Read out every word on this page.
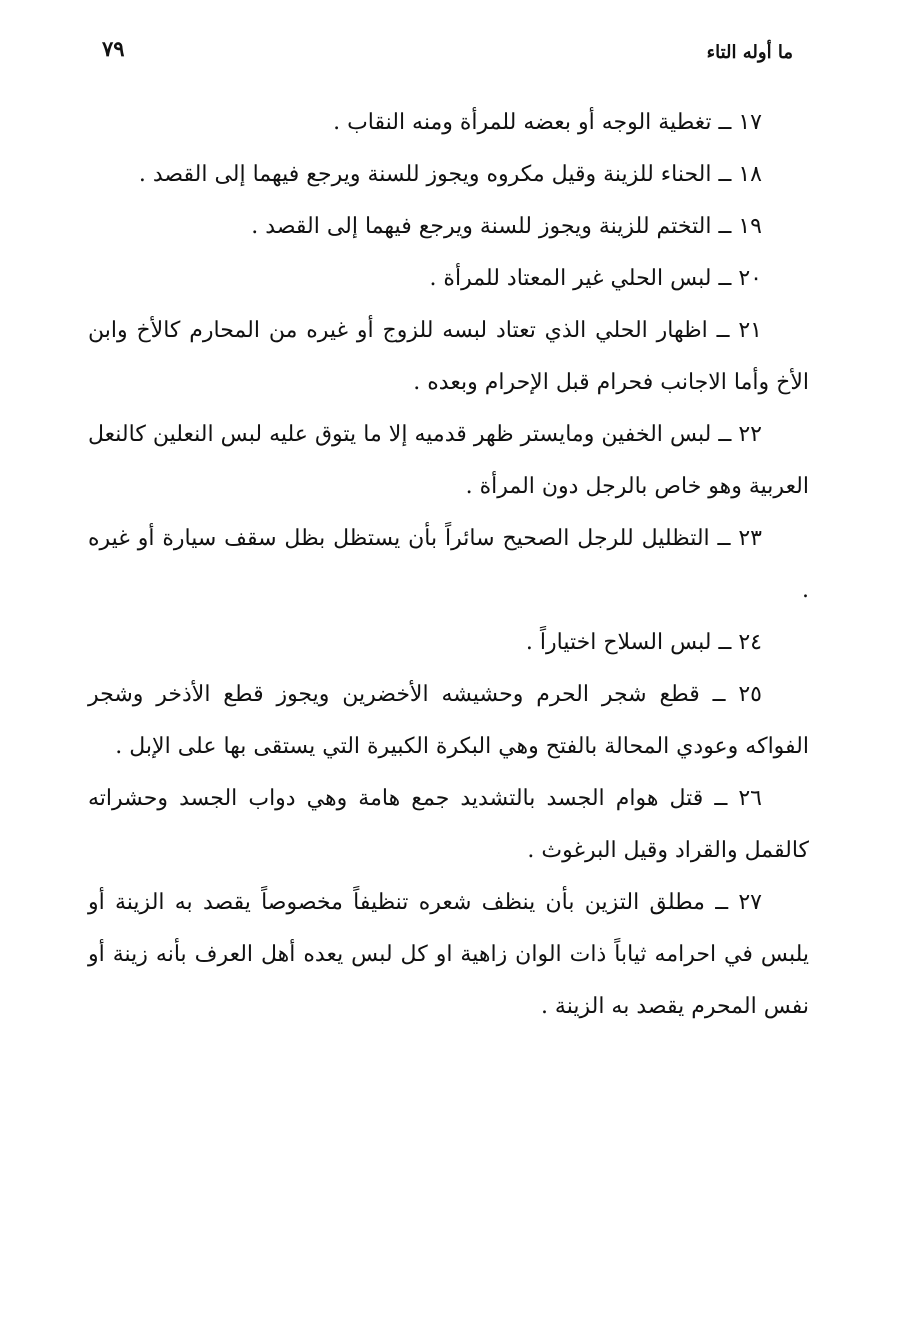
٧٩	ما أوله التاء

١٧ ــ تغطية الوجه أو بعضه للمرأة ومنه النقاب .

١٨ ــ الحناء للزينة وقيل مكروه ويجوز للسنة ويرجع فيهما إلى القصد .

١٩ ــ التختم للزينة ويجوز للسنة ويرجع فيهما إلى القصد .

٢٠ ــ لبس الحلي غير المعتاد للمرأة .

٢١ ــ اظهار الحلي الذي تعتاد لبسه للزوج أو غيره من المحارم كالأخ وابن الأخ وأما الاجانب فحرام قبل الإحرام وبعده .

٢٢ ــ لبس الخفين ومايستر ظهر قدميه إلا ما يتوق عليه لبس النعلين كالنعل العربية وهو خاص بالرجل دون المرأة .

٢٣ ــ التظليل للرجل الصحيح سائراً بأن يستظل بظل سقف سيارة أو غيره .

٢٤ ــ لبس السلاح اختياراً .

٢٥ ــ قطع شجر الحرم وحشيشه الأخضرين ويجوز قطع الأذخر وشجر الفواكه وعودي المحالة بالفتح وهي البكرة الكبيرة التي يستقى بها على الإبل .

٢٦ ــ قتل هوام الجسد بالتشديد جمع هامة وهي دواب الجسد وحشراته كالقمل والقراد وقيل البرغوث .

٢٧ ــ مطلق التزين بأن ينظف شعره تنظيفاً مخصوصاً يقصد به الزينة أو يلبس في احرامه ثياباً ذات الوان زاهية او كل لبس يعده أهل العرف بأنه زينة أو نفس المحرم يقصد به الزينة .
